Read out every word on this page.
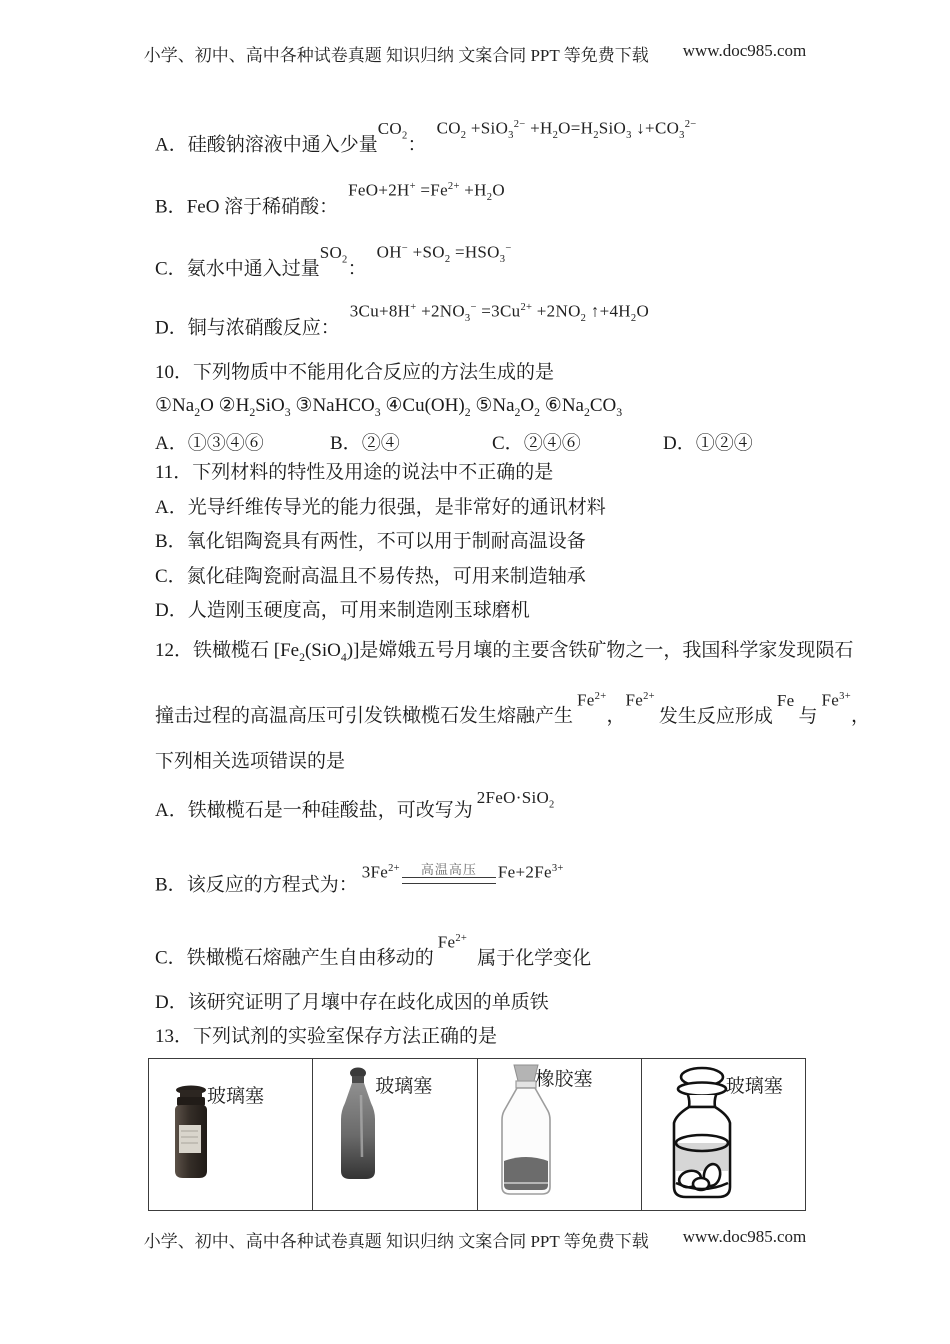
小学、初中、高中各种试卷真题 知识归纳 文案合同 PPT 等免费下载 www.doc985.com
A．硅酸钠溶液中通入少量$CO_2$：$CO_2 +SiO_3^{2-} +H_2O=H_2SiO_3$ $↓+CO_3^{2-}$
B．FeO 溶于稀硝酸：$FeO+2H^+ =Fe^{2+} +H_2O$
C．氨水中通入过量$SO_2$：$OH^- +SO_2 =HSO_3^-$
D．铜与浓硝酸反应：$3Cu+8H^+ +2NO_3^- =3Cu^{2+} +2NO_2$ $↑+4H_2O$
10．下列物质中不能用化合反应的方法生成的是
$①Na_2O$ $②H_2SiO_3$ ③NaHCO$_3$ $④Cu(OH)_2$ $⑤Na_2O_2$ $⑥Na_2CO_3$
A．①③④⑥	B．②④	C．②④⑥	D．①②④
11．下列材料的特性及用途的说法中不正确的是
A．光导纤维传导光的能力很强，是非常好的通讯材料
B．氧化铝陶瓷具有两性，不可以用于制耐高温设备
C．氮化硅陶瓷耐高温且不易传热，可用来制造轴承
D．人造刚玉硬度高，可用来制造刚玉球磨机
12．铁橄榄石 $[Fe_2(SiO_4)]$是嫦娥五号月壤的主要含铁矿物之一，我国科学家发现陨石
撞击过程的高温高压可引发铁橄榄石发生熔融产生$Fe^{2+}$，$Fe^{2+}$发生反应形成Fe与$Fe^{3+}$，
下列相关选项错误的是
A．铁橄榄石是一种硅酸盐，可改写为2FeO·SiO$_2$
B．该反应的方程式为：$3Fe^{2+}$ 高温高压 $Fe+2Fe^{3+}$
C．铁橄榄石熔融产生自由移动的$Fe^{2+}$属于化学变化
D．该研究证明了月壤中存在歧化成因的单质铁
13．下列试剂的实验室保存方法正确的是
玻璃塞	玻璃塞	橡胶塞	玻璃塞
小学、初中、高中各种试卷真题 知识归纳 文案合同 PPT 等免费下载 www.doc985.com
